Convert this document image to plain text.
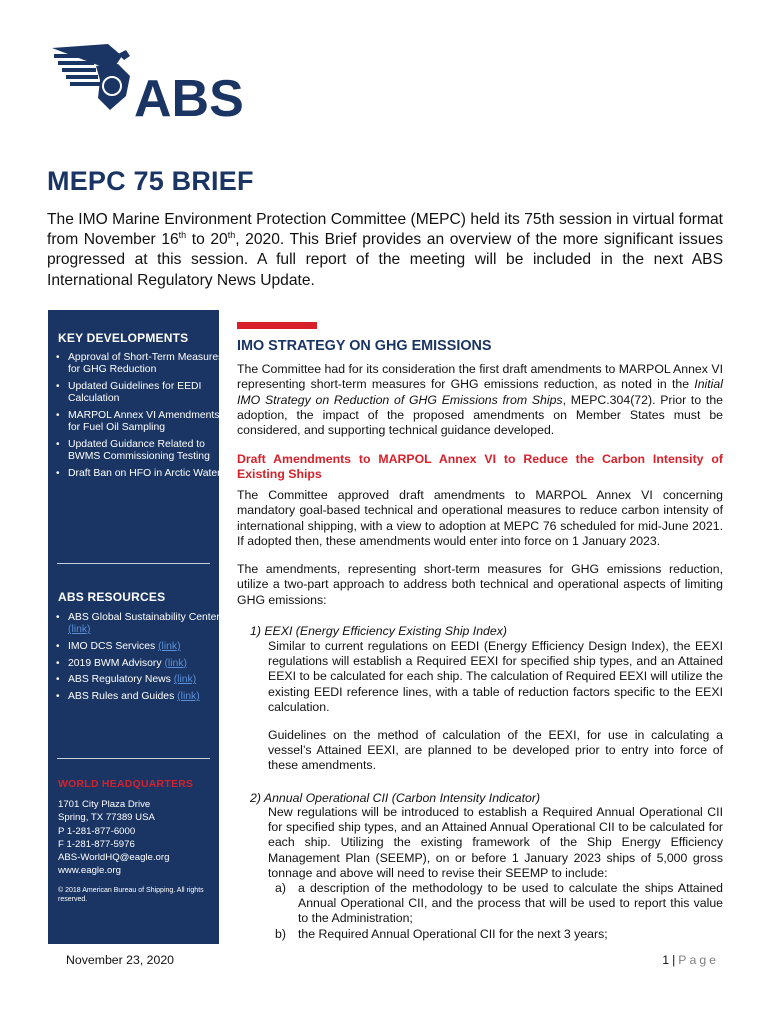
ABS
MEPC 75 BRIEF

The IMO Marine Environment Protection Committee (MEPC) held its 75th session in virtual format from November 16th to 20th, 2020. This Brief provides an overview of the more significant issues progressed at this session. A full report of the meeting will be included in the next ABS International Regulatory News Update.

KEY DEVELOPMENTS
• Approval of Short-Term Measures for GHG Reduction
• Updated Guidelines for EEDI Calculation
• MARPOL Annex VI Amendments for Fuel Oil Sampling
• Updated Guidance Related to BWMS Commissioning Testing
• Draft Ban on HFO in Arctic Waters
ABS RESOURCES
• ABS Global Sustainability Center (link)
• IMO DCS Services (link)
• 2019 BWM Advisory (link)
• ABS Regulatory News (link)
• ABS Rules and Guides (link)
WORLD HEADQUARTERS
1701 City Plaza Drive
Spring, TX 77389 USA
P 1-281-877-6000
F 1-281-877-5976
ABS-WorldHQ@eagle.org
www.eagle.org
© 2018 American Bureau of Shipping. All rights reserved.
IMO STRATEGY ON GHG EMISSIONS

The Committee had for its consideration the first draft amendments to MARPOL Annex VI representing short-term measures for GHG emissions reduction, as noted in the Initial IMO Strategy on Reduction of GHG Emissions from Ships, MEPC.304(72). Prior to the adoption, the impact of the proposed amendments on Member States must be considered, and supporting technical guidance developed.

Draft Amendments to MARPOL Annex VI to Reduce the Carbon Intensity of Existing Ships

The Committee approved draft amendments to MARPOL Annex VI concerning mandatory goal-based technical and operational measures to reduce carbon intensity of international shipping, with a view to adoption at MEPC 76 scheduled for mid-June 2021. If adopted then, these amendments would enter into force on 1 January 2023.

The amendments, representing short-term measures for GHG emissions reduction, utilize a two-part approach to address both technical and operational aspects of limiting GHG emissions:

1) EEXI (Energy Efficiency Existing Ship Index)

Similar to current regulations on EEDI (Energy Efficiency Design Index), the EEXI regulations will establish a Required EEXI for specified ship types, and an Attained EEXI to be calculated for each ship. The calculation of Required EEXI will utilize the existing EEDI reference lines, with a table of reduction factors specific to the EEXI calculation.

Guidelines on the method of calculation of the EEXI, for use in calculating a vessel’s Attained EEXI, are planned to be developed prior to entry into force of these amendments.

2) Annual Operational CII (Carbon Intensity Indicator)

New regulations will be introduced to establish a Required Annual Operational CII for specified ship types, and an Attained Annual Operational CII to be calculated for each ship. Utilizing the existing framework of the Ship Energy Efficiency Management Plan (SEEMP), on or before 1 January 2023 ships of 5,000 gross tonnage and above will need to revise their SEEMP to include:

a) a description of the methodology to be used to calculate the ships Attained Annual Operational CII, and the process that will be used to report this value to the Administration;
b) the Required Annual Operational CII for the next 3 years;
November 23, 2020	1 | Page
